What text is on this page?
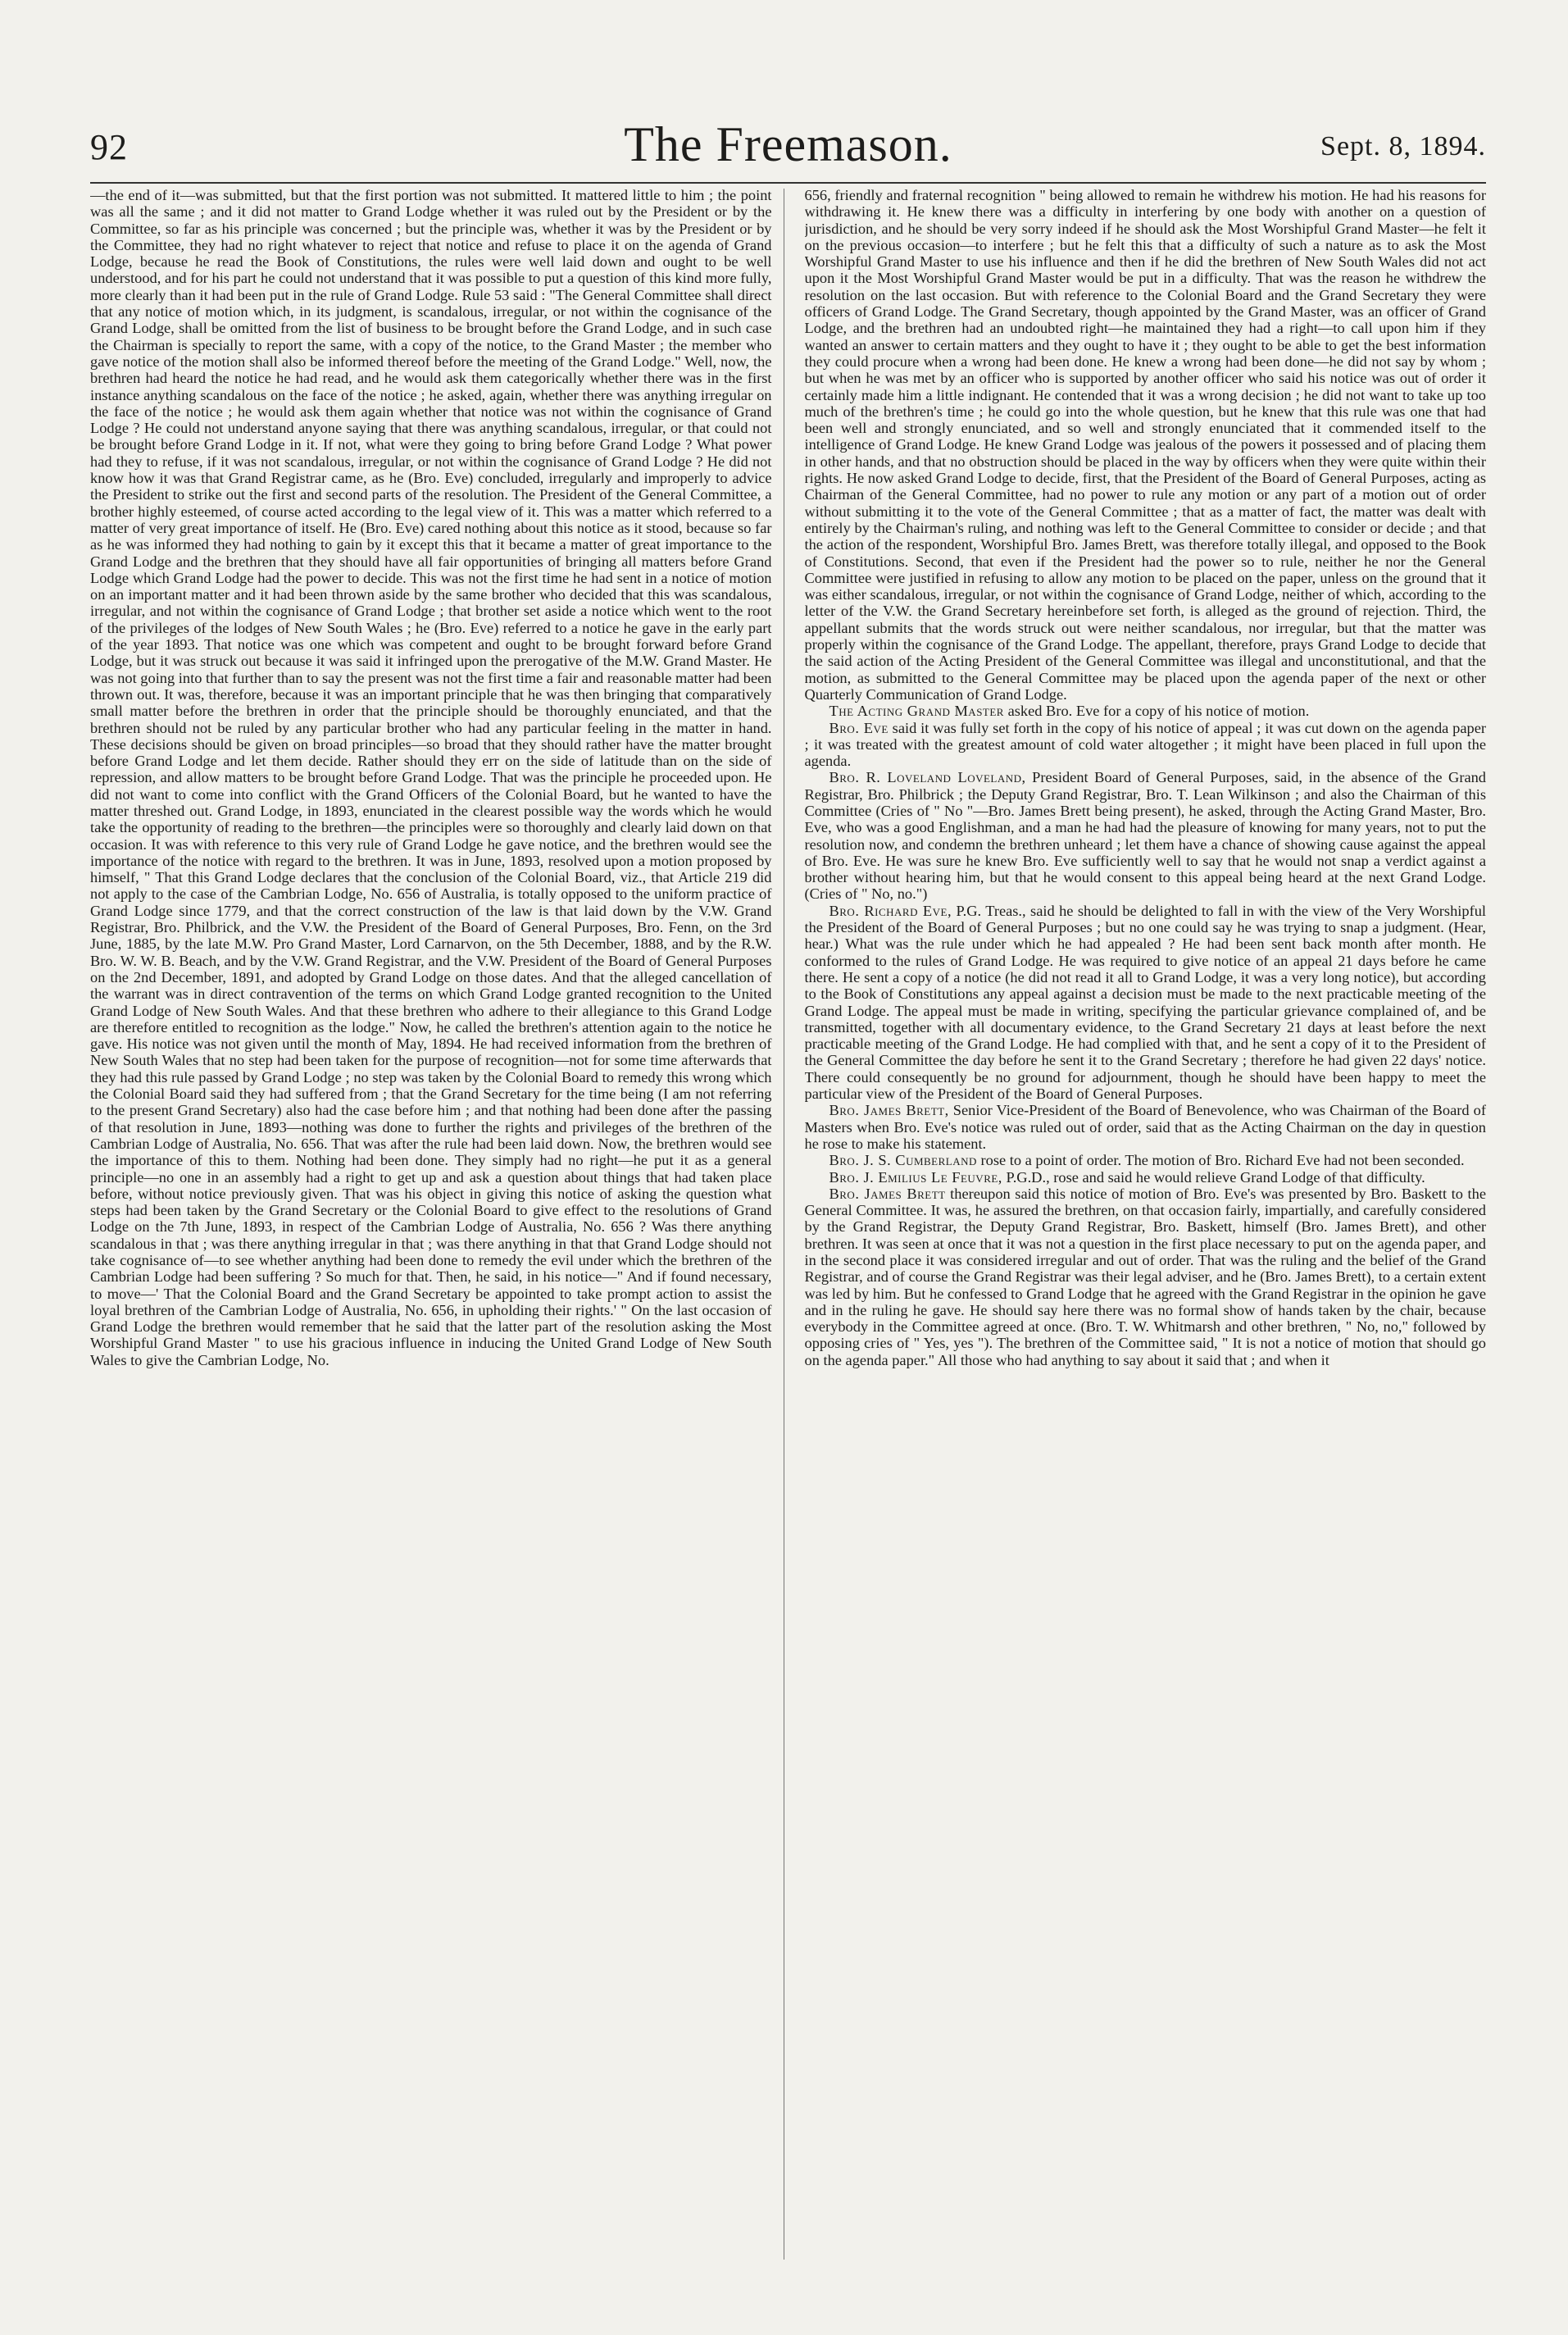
92	The Freemason.	Sept. 8, 1894.

—the end of it—was submitted, but that the first portion was not submitted. It mattered little to him ; the point was all the same ; and it did not matter to Grand Lodge whether it was ruled out by the President or by the Committee, so far as his principle was concerned ; but the principle was, whether it was by the President or by the Committee, they had no right whatever to reject that notice and refuse to place it on the agenda of Grand Lodge, because he read the Book of Constitutions, the rules were well laid down and ought to be well understood, and for his part he could not understand that it was possible to put a question of this kind more fully, more clearly than it had been put in the rule of Grand Lodge. Rule 53 said : "The General Committee shall direct that any notice of motion which, in its judgment, is scandalous, irregular, or not within the cognisance of the Grand Lodge, shall be omitted from the list of business to be brought before the Grand Lodge, and in such case the Chairman is specially to report the same, with a copy of the notice, to the Grand Master ; the member who gave notice of the motion shall also be informed thereof before the meeting of the Grand Lodge." Well, now, the brethren had heard the notice he had read, and he would ask them categorically whether there was in the first instance anything scandalous on the face of the notice ; he asked, again, whether there was anything irregular on the face of the notice ; he would ask them again whether that notice was not within the cognisance of Grand Lodge ? He could not understand anyone saying that there was anything scandalous, irregular, or that could not be brought before Grand Lodge in it. If not, what were they going to bring before Grand Lodge ? What power had they to refuse, if it was not scandalous, irregular, or not within the cognisance of Grand Lodge ? He did not know how it was that Grand Registrar came, as he (Bro. Eve) concluded, irregularly and improperly to advice the President to strike out the first and second parts of the resolution. The President of the General Committee, a brother highly esteemed, of course acted according to the legal view of it. This was a matter which referred to a matter of very great importance of itself. He (Bro. Eve) cared nothing about this notice as it stood, because so far as he was informed they had nothing to gain by it except this that it became a matter of great importance to the Grand Lodge and the brethren that they should have all fair opportunities of bringing all matters before Grand Lodge which Grand Lodge had the power to decide. This was not the first time he had sent in a notice of motion on an important matter and it had been thrown aside by the same brother who decided that this was scandalous, irregular, and not within the cognisance of Grand Lodge ; that brother set aside a notice which went to the root of the privileges of the lodges of New South Wales ; he (Bro. Eve) referred to a notice he gave in the early part of the year 1893. That notice was one which was competent and ought to be brought forward before Grand Lodge, but it was struck out because it was said it infringed upon the prerogative of the M.W. Grand Master. He was not going into that further than to say the present was not the first time a fair and reasonable matter had been thrown out. It was, therefore, because it was an important principle that he was then bringing that comparatively small matter before the brethren in order that the principle should be thoroughly enunciated, and that the brethren should not be ruled by any particular brother who had any particular feeling in the matter in hand. These decisions should be given on broad principles—so broad that they should rather have the matter brought before Grand Lodge and let them decide. Rather should they err on the side of latitude than on the side of repression, and allow matters to be brought before Grand Lodge. That was the principle he proceeded upon. He did not want to come into conflict with the Grand Officers of the Colonial Board, but he wanted to have the matter threshed out. Grand Lodge, in 1893, enunciated in the clearest possible way the words which he would take the opportunity of reading to the brethren—the principles were so thoroughly and clearly laid down on that occasion. It was with reference to this very rule of Grand Lodge he gave notice, and the brethren would see the importance of the notice with regard to the brethren. It was in June, 1893, resolved upon a motion proposed by himself, " That this Grand Lodge declares that the conclusion of the Colonial Board, viz., that Article 219 did not apply to the case of the Cambrian Lodge, No. 656 of Australia, is totally opposed to the uniform practice of Grand Lodge since 1779, and that the correct construction of the law is that laid down by the V.W. Grand Registrar, Bro. Philbrick, and the V.W. the President of the Board of General Purposes, Bro. Fenn, on the 3rd June, 1885, by the late M.W. Pro Grand Master, Lord Carnarvon, on the 5th December, 1888, and by the R.W. Bro. W. W. B. Beach, and by the V.W. Grand Registrar, and the V.W. President of the Board of General Purposes on the 2nd December, 1891, and adopted by Grand Lodge on those dates. And that the alleged cancellation of the warrant was in direct contravention of the terms on which Grand Lodge granted recognition to the United Grand Lodge of New South Wales. And that these brethren who adhere to their allegiance to this Grand Lodge are therefore entitled to recognition as the lodge." Now, he called the brethren's attention again to the notice he gave. His notice was not given until the month of May, 1894. He had received information from the brethren of New South Wales that no step had been taken for the purpose of recognition—not for some time afterwards that they had this rule passed by Grand Lodge ; no step was taken by the Colonial Board to remedy this wrong which the Colonial Board said they had suffered from ; that the Grand Secretary for the time being (I am not referring to the present Grand Secretary) also had the case before him ; and that nothing had been done after the passing of that resolution in June, 1893—nothing was done to further the rights and privileges of the brethren of the Cambrian Lodge of Australia, No. 656. That was after the rule had been laid down. Now, the brethren would see the importance of this to them. Nothing had been done. They simply had no right—he put it as a general principle—no one in an assembly had a right to get up and ask a question about things that had taken place before, without notice previously given. That was his object in giving this notice of asking the question what steps had been taken by the Grand Secretary or the Colonial Board to give effect to the resolutions of Grand Lodge on the 7th June, 1893, in respect of the Cambrian Lodge of Australia, No. 656 ? Was there anything scandalous in that ; was there anything irregular in that ; was there anything in that that Grand Lodge should not take cognisance of—to see whether anything had been done to remedy the evil under which the brethren of the Cambrian Lodge had been suffering ? So much for that. Then, he said, in his notice—" And if found necessary, to move—' That the Colonial Board and the Grand Secretary be appointed to take prompt action to assist the loyal brethren of the Cambrian Lodge of Australia, No. 656, in upholding their rights.' " On the last occasion of Grand Lodge the brethren would remember that he said that the latter part of the resolution asking the Most Worshipful Grand Master " to use his gracious influence in inducing the United Grand Lodge of New South Wales to give the Cambrian Lodge, No.

656, friendly and fraternal recognition " being allowed to remain he withdrew his motion. He had his reasons for withdrawing it. He knew there was a difficulty in interfering by one body with another on a question of jurisdiction, and he should be very sorry indeed if he should ask the Most Worshipful Grand Master—he felt it on the previous occasion—to interfere ; but he felt this that a difficulty of such a nature as to ask the Most Worshipful Grand Master to use his influence and then if he did the brethren of New South Wales did not act upon it the Most Worshipful Grand Master would be put in a difficulty. That was the reason he withdrew the resolution on the last occasion. But with reference to the Colonial Board and the Grand Secretary they were officers of Grand Lodge. The Grand Secretary, though appointed by the Grand Master, was an officer of Grand Lodge, and the brethren had an undoubted right—he maintained they had a right—to call upon him if they wanted an answer to certain matters and they ought to have it ; they ought to be able to get the best information they could procure when a wrong had been done. He knew a wrong had been done—he did not say by whom ; but when he was met by an officer who is supported by another officer who said his notice was out of order it certainly made him a little indignant. He contended that it was a wrong decision ; he did not want to take up too much of the brethren's time ; he could go into the whole question, but he knew that this rule was one that had been well and strongly enunciated, and so well and strongly enunciated that it commended itself to the intelligence of Grand Lodge. He knew Grand Lodge was jealous of the powers it possessed and of placing them in other hands, and that no obstruction should be placed in the way by officers when they were quite within their rights. He now asked Grand Lodge to decide, first, that the President of the Board of General Purposes, acting as Chairman of the General Committee, had no power to rule any motion or any part of a motion out of order without submitting it to the vote of the General Committee ; that as a matter of fact, the matter was dealt with entirely by the Chairman's ruling, and nothing was left to the General Committee to consider or decide ; and that the action of the respondent, Worshipful Bro. James Brett, was therefore totally illegal, and opposed to the Book of Constitutions. Second, that even if the President had the power so to rule, neither he nor the General Committee were justified in refusing to allow any motion to be placed on the paper, unless on the ground that it was either scandalous, irregular, or not within the cognisance of Grand Lodge, neither of which, according to the letter of the V.W. the Grand Secretary hereinbefore set forth, is alleged as the ground of rejection. Third, the appellant submits that the words struck out were neither scandalous, nor irregular, but that the matter was properly within the cognisance of the Grand Lodge. The appellant, therefore, prays Grand Lodge to decide that the said action of the Acting President of the General Committee was illegal and unconstitutional, and that the motion, as submitted to the General Committee may be placed upon the agenda paper of the next or other Quarterly Communication of Grand Lodge.

The Acting Grand Master asked Bro. Eve for a copy of his notice of motion.

Bro. Eve said it was fully set forth in the copy of his notice of appeal ; it was cut down on the agenda paper ; it was treated with the greatest amount of cold water altogether ; it might have been placed in full upon the agenda.

Bro. R. Loveland Loveland, President Board of General Purposes, said, in the absence of the Grand Registrar, Bro. Philbrick ; the Deputy Grand Registrar, Bro. T. Lean Wilkinson ; and also the Chairman of this Committee (Cries of " No "—Bro. James Brett being present), he asked, through the Acting Grand Master, Bro. Eve, who was a good Englishman, and a man he had had the pleasure of knowing for many years, not to put the resolution now, and condemn the brethren unheard ; let them have a chance of showing cause against the appeal of Bro. Eve. He was sure he knew Bro. Eve sufficiently well to say that he would not snap a verdict against a brother without hearing him, but that he would consent to this appeal being heard at the next Grand Lodge. (Cries of " No, no.")

Bro. Richard Eve, P.G. Treas., said he should be delighted to fall in with the view of the Very Worshipful the President of the Board of General Purposes ; but no one could say he was trying to snap a judgment. (Hear, hear.) What was the rule under which he had appealed ? He had been sent back month after month. He conformed to the rules of Grand Lodge. He was required to give notice of an appeal 21 days before he came there. He sent a copy of a notice (he did not read it all to Grand Lodge, it was a very long notice), but according to the Book of Constitutions any appeal against a decision must be made to the next practicable meeting of the Grand Lodge. The appeal must be made in writing, specifying the particular grievance complained of, and be transmitted, together with all documentary evidence, to the Grand Secretary 21 days at least before the next practicable meeting of the Grand Lodge. He had complied with that, and he sent a copy of it to the President of the General Committee the day before he sent it to the Grand Secretary ; therefore he had given 22 days' notice. There could consequently be no ground for adjournment, though he should have been happy to meet the particular view of the President of the Board of General Purposes.

Bro. James Brett, Senior Vice-President of the Board of Benevolence, who was Chairman of the Board of Masters when Bro. Eve's notice was ruled out of order, said that as the Acting Chairman on the day in question he rose to make his statement.

Bro. J. S. Cumberland rose to a point of order. The motion of Bro. Richard Eve had not been seconded.

Bro. J. Emilius Le Feuvre, P.G.D., rose and said he would relieve Grand Lodge of that difficulty.

Bro. James Brett thereupon said this notice of motion of Bro. Eve's was presented by Bro. Baskett to the General Committee. It was, he assured the brethren, on that occasion fairly, impartially, and carefully considered by the Grand Registrar, the Deputy Grand Registrar, Bro. Baskett, himself (Bro. James Brett), and other brethren. It was seen at once that it was not a question in the first place necessary to put on the agenda paper, and in the second place it was considered irregular and out of order. That was the ruling and the belief of the Grand Registrar, and of course the Grand Registrar was their legal adviser, and he (Bro. James Brett), to a certain extent was led by him. But he confessed to Grand Lodge that he agreed with the Grand Registrar in the opinion he gave and in the ruling he gave. He should say here there was no formal show of hands taken by the chair, because everybody in the Committee agreed at once. (Bro. T. W. Whitmarsh and other brethren, " No, no," followed by opposing cries of " Yes, yes "). The brethren of the Committee said, " It is not a notice of motion that should go on the agenda paper." All those who had anything to say about it said that ; and when it
